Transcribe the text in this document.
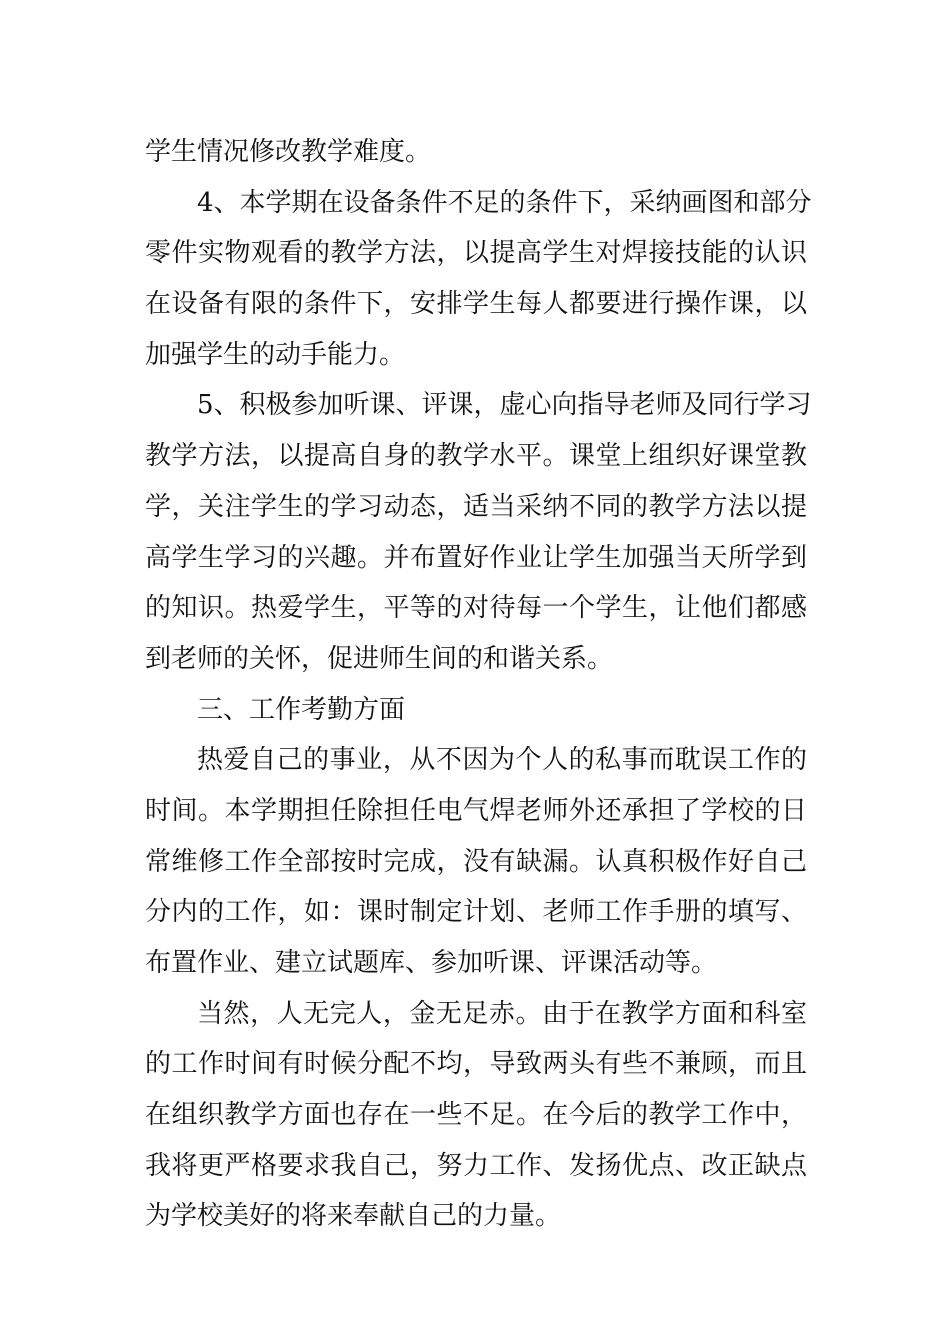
学生情况修改教学难度。
4、本学期在设备条件不足的条件下，采纳画图和部分
零件实物观看的教学方法，以提高学生对焊接技能的认识
在设备有限的条件下，安排学生每人都要进行操作课，以
加强学生的动手能力。
5、积极参加听课、评课，虚心向指导老师及同行学习
教学方法，以提高自身的教学水平。课堂上组织好课堂教
学，关注学生的学习动态，适当采纳不同的教学方法以提
高学生学习的兴趣。并布置好作业让学生加强当天所学到
的知识。热爱学生，平等的对待每一个学生，让他们都感
到老师的关怀，促进师生间的和谐关系。
三、工作考勤方面
热爱自己的事业，从不因为个人的私事而耽误工作的
时间。本学期担任除担任电气焊老师外还承担了学校的日
常维修工作全部按时完成，没有缺漏。认真积极作好自己
分内的工作，如：课时制定计划、老师工作手册的填写、
布置作业、建立试题库、参加听课、评课活动等。
当然，人无完人，金无足赤。由于在教学方面和科室
的工作时间有时候分配不均，导致两头有些不兼顾，而且
在组织教学方面也存在一些不足。在今后的教学工作中，
我将更严格要求我自己，努力工作、发扬优点、改正缺点
为学校美好的将来奉献自己的力量。
